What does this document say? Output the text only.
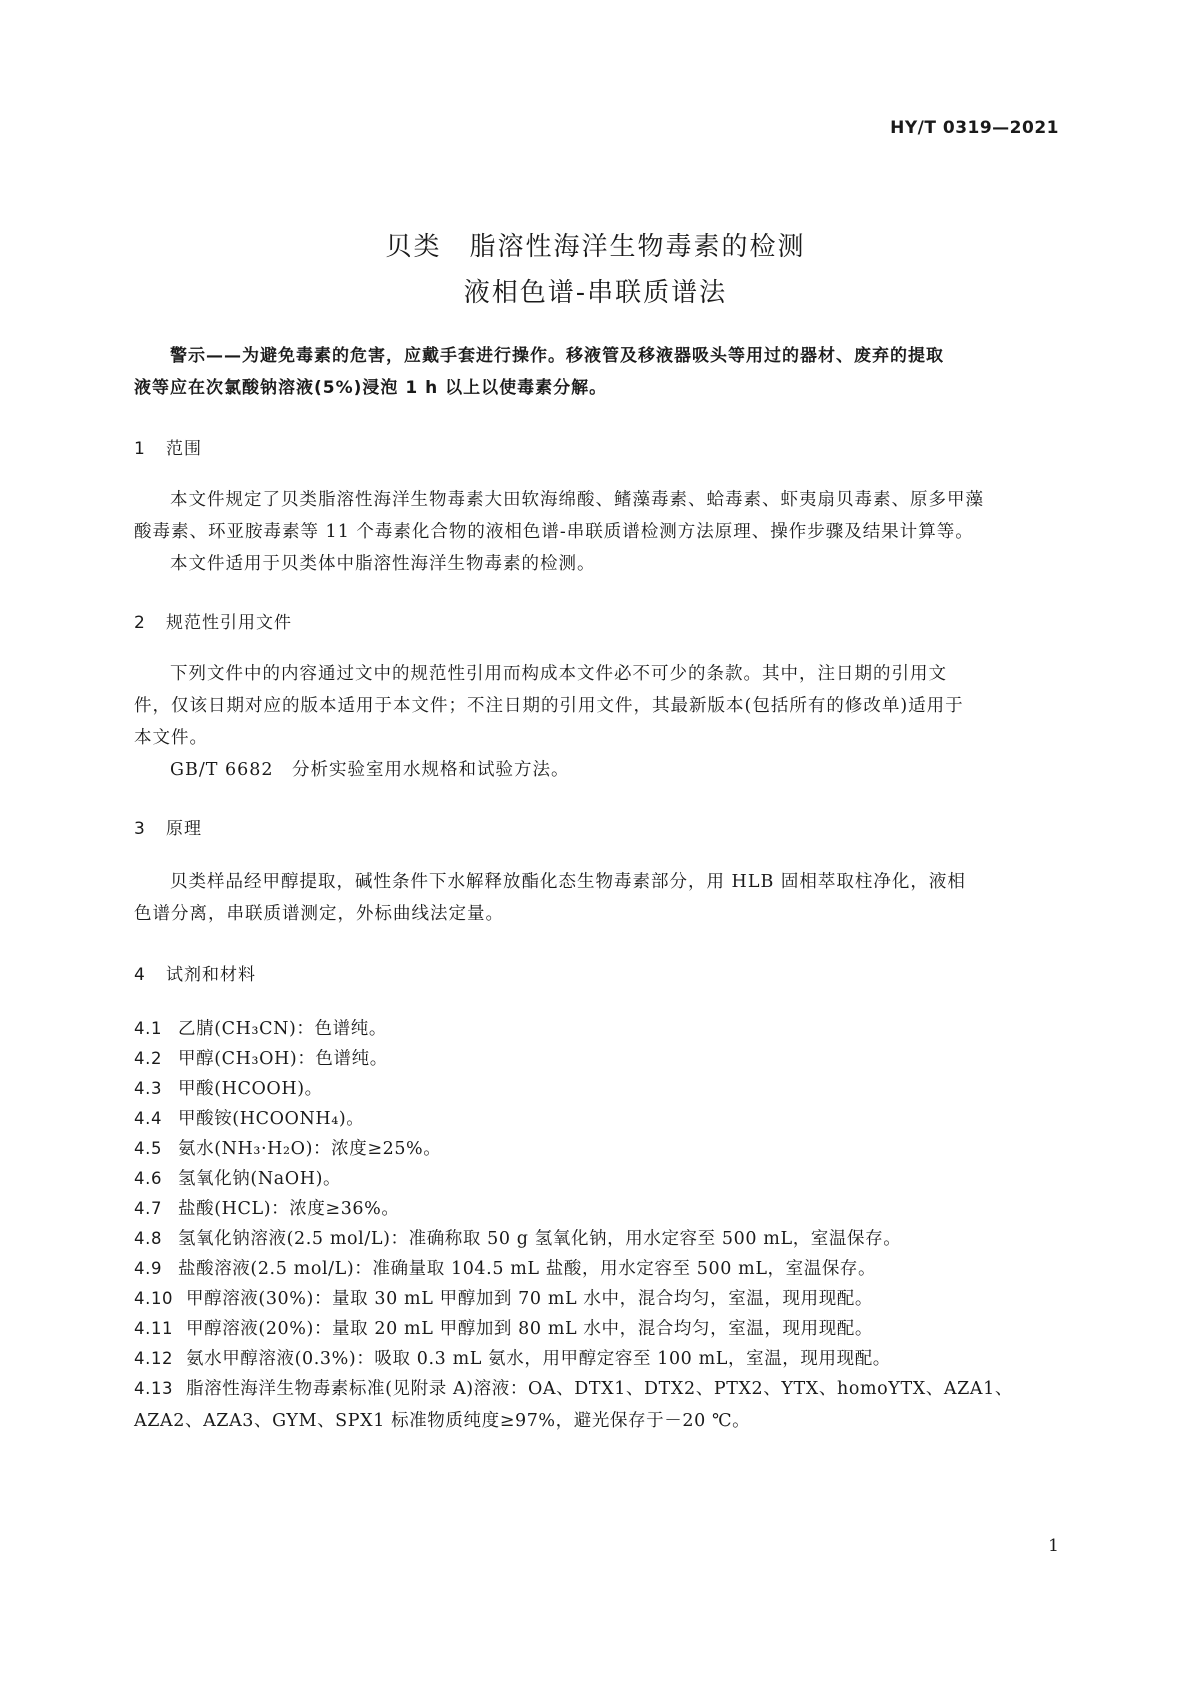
HY/T 0319—2021
贝类 脂溶性海洋生物毒素的检测
液相色谱-串联质谱法
警示——为避免毒素的危害，应戴手套进行操作。移液管及移液器吸头等用过的器材、废弃的提取
液等应在次氯酸钠溶液(5%)浸泡 1 h 以上以使毒素分解。
1 范围
本文件规定了贝类脂溶性海洋生物毒素大田软海绵酸、鳍藻毒素、蛤毒素、虾夷扇贝毒素、原多甲藻
酸毒素、环亚胺毒素等 11 个毒素化合物的液相色谱-串联质谱检测方法原理、操作步骤及结果计算等。
本文件适用于贝类体中脂溶性海洋生物毒素的检测。
2 规范性引用文件
下列文件中的内容通过文中的规范性引用而构成本文件必不可少的条款。其中，注日期的引用文
件，仅该日期对应的版本适用于本文件；不注日期的引用文件，其最新版本(包括所有的修改单)适用于
本文件。
GB/T 6682　分析实验室用水规格和试验方法。
3 原理
贝类样品经甲醇提取，碱性条件下水解释放酯化态生物毒素部分，用 HLB 固相萃取柱净化，液相
色谱分离，串联质谱测定，外标曲线法定量。
4 试剂和材料
4.1 乙腈(CH₃CN)：色谱纯。
4.2 甲醇(CH₃OH)：色谱纯。
4.3 甲酸(HCOOH)。
4.4 甲酸铵(HCOONH₄)。
4.5 氨水(NH₃·H₂O)：浓度≥25%。
4.6 氢氧化钠(NaOH)。
4.7 盐酸(HCL)：浓度≥36%。
4.8 氢氧化钠溶液(2.5 mol/L)：准确称取 50 g 氢氧化钠，用水定容至 500 mL，室温保存。
4.9 盐酸溶液(2.5 mol/L)：准确量取 104.5 mL 盐酸，用水定容至 500 mL，室温保存。
4.10 甲醇溶液(30%)：量取 30 mL 甲醇加到 70 mL 水中，混合均匀，室温，现用现配。
4.11 甲醇溶液(20%)：量取 20 mL 甲醇加到 80 mL 水中，混合均匀，室温，现用现配。
4.12 氨水甲醇溶液(0.3%)：吸取 0.3 mL 氨水，用甲醇定容至 100 mL，室温，现用现配。
4.13 脂溶性海洋生物毒素标准(见附录 A)溶液：OA、DTX1、DTX2、PTX2、YTX、homoYTX、AZA1、
AZA2、AZA3、GYM、SPX1 标准物质纯度≥97%，避光保存于－20 ℃。
1
